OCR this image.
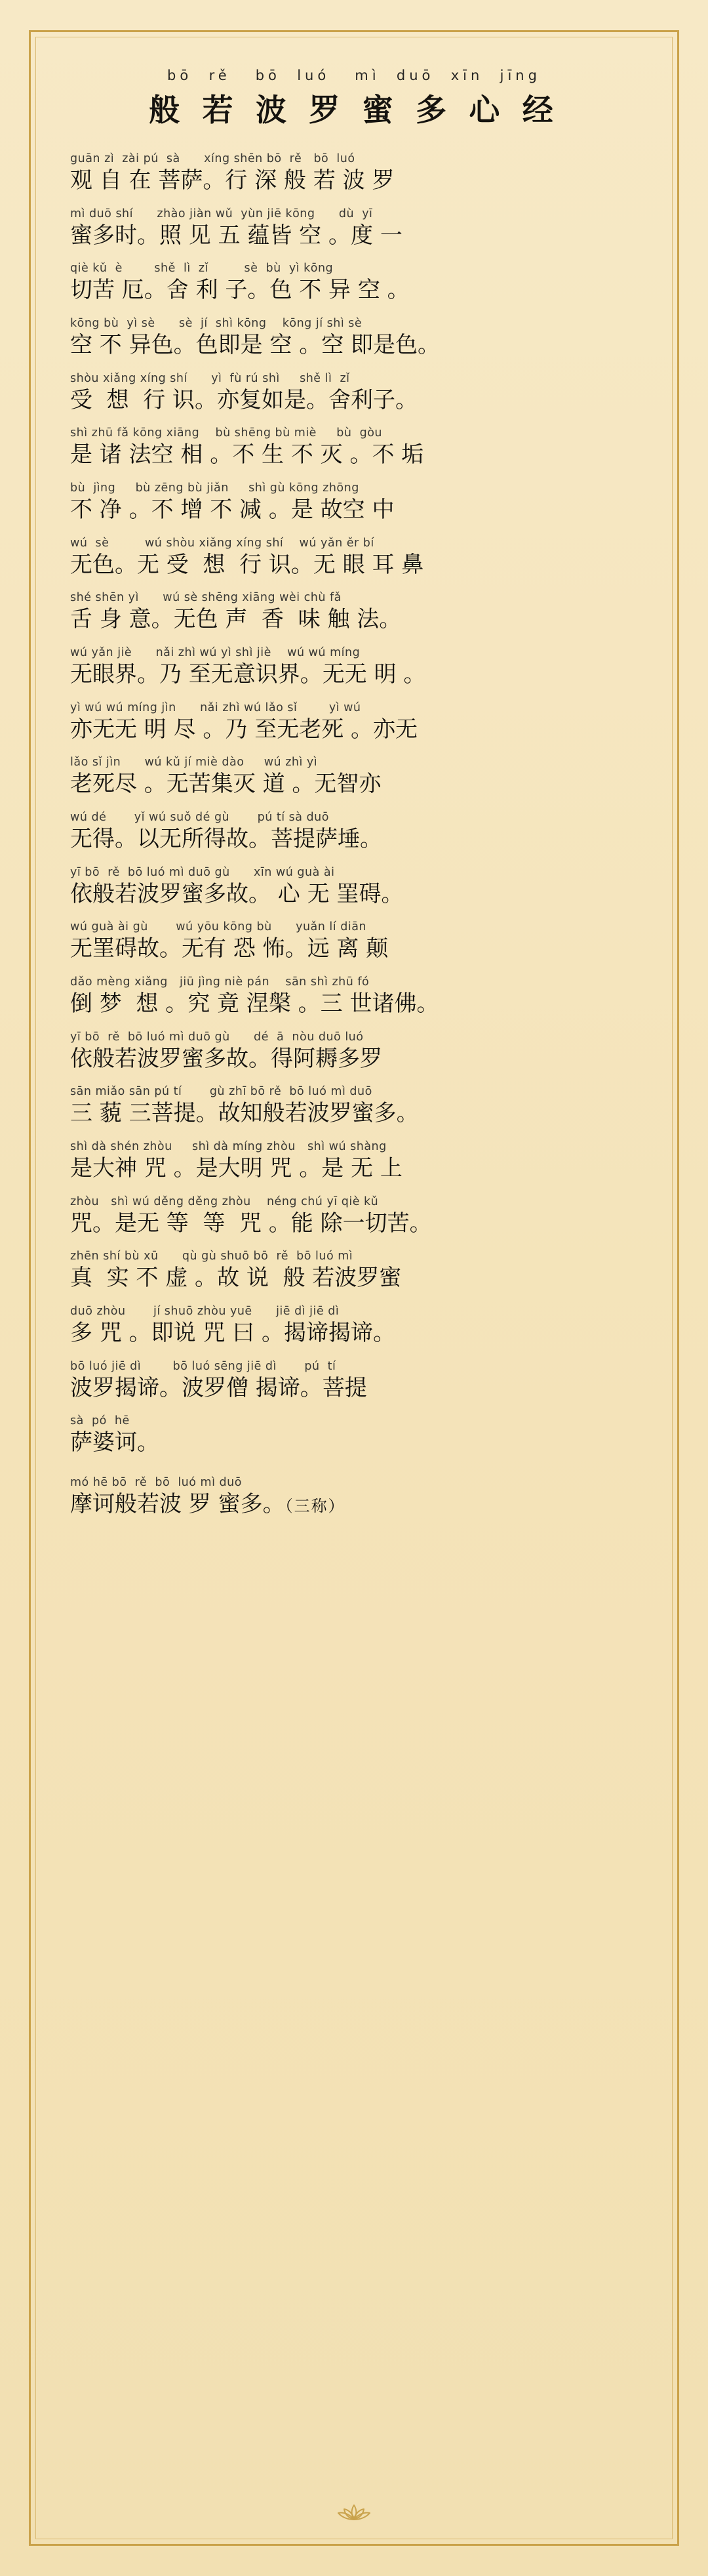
bō  rě   bō  luó   mì  duō  xīn  jīng
般 若 波 罗 蜜 多 心 经
guān zì  zài pú  sà      xíng shēn bō  rě   bō  luó
观 自 在 菩萨。行 深 般 若 波 罗
mì duō shí      zhào jiàn wǔ  yùn jiē kōng      dù  yī
蜜多时。照 见 五 蕴皆 空 。度 一
qiè kǔ  è        shě  lì  zǐ         sè  bù  yì kōng
切苦 厄。舍 利 子。色 不 异 空 。
kōng bù  yì sè      sè  jí  shì kōng    kōng jí shì sè
空 不 异色。色即是 空 。空 即是色。
shòu xiǎng xíng shí      yì  fù rú shì     shě lì  zǐ
受  想  行 识。亦复如是。舍利子。
shì zhū fǎ kōng xiāng    bù shēng bù miè     bù  gòu
是 诸 法空 相 。不 生 不 灭 。不 垢
bù  jìng     bù zēng bù jiǎn     shì gù kōng zhōng
不 净 。不 增 不 减 。是 故空 中
wú  sè         wú shòu xiǎng xíng shí    wú yǎn ěr bí
无色。无 受  想  行 识。无 眼 耳 鼻
shé shēn yì      wú sè shēng xiāng wèi chù fǎ
舌 身 意。无色 声  香  味 触 法。
wú yǎn jiè      nǎi zhì wú yì shì jiè    wú wú míng
无眼界。乃 至无意识界。无无 明 。
yì wú wú míng jìn      nǎi zhì wú lǎo sǐ        yì wú
亦无无 明 尽 。乃 至无老死 。亦无
lǎo sǐ jìn      wú kǔ jí miè dào     wú zhì yì
老死尽 。无苦集灭 道 。无智亦
wú dé       yǐ wú suǒ dé gù       pú tí sà duō
无得。以无所得故。菩提萨埵。
yī bō  rě  bō luó mì duō gù      xīn wú guà ài
依般若波罗蜜多故。 心 无 罣碍。
wú guà ài gù       wú yōu kōng bù      yuǎn lí diān
无罣碍故。无有 恐 怖。远 离 颠
dǎo mèng xiǎng   jiū jìng niè pán    sān shì zhū fó
倒 梦  想 。究 竟 涅槃 。三 世诸佛。
yī bō  rě  bō luó mì duō gù      dé  ā  nòu duō luó
依般若波罗蜜多故。得阿耨多罗
sān miǎo sān pú tí       gù zhī bō rě  bō luó mì duō
三 藐 三菩提。故知般若波罗蜜多。
shì dà shén zhòu     shì dà míng zhòu   shì wú shàng
是大神 咒 。是大明 咒 。是 无 上
zhòu   shì wú děng děng zhòu    néng chú yī qiè kǔ
咒。是无 等  等  咒 。能 除一切苦。
zhēn shí bù xū      qù gù shuō bō  rě  bō luó mì
真  实 不 虚 。故 说  般 若波罗蜜
duō zhòu       jí shuō zhòu yuē      jiē dì jiē dì
多 咒 。即说 咒 曰 。揭谛揭谛。
bō luó jiē dì        bō luó sēng jiē dì       pú  tí
波罗揭谛。波罗僧 揭谛。菩提
sà  pó  hē
萨婆诃。
mó hē bō  rě  bō  luó mì duō
摩诃般若波 罗 蜜多。（三称）
